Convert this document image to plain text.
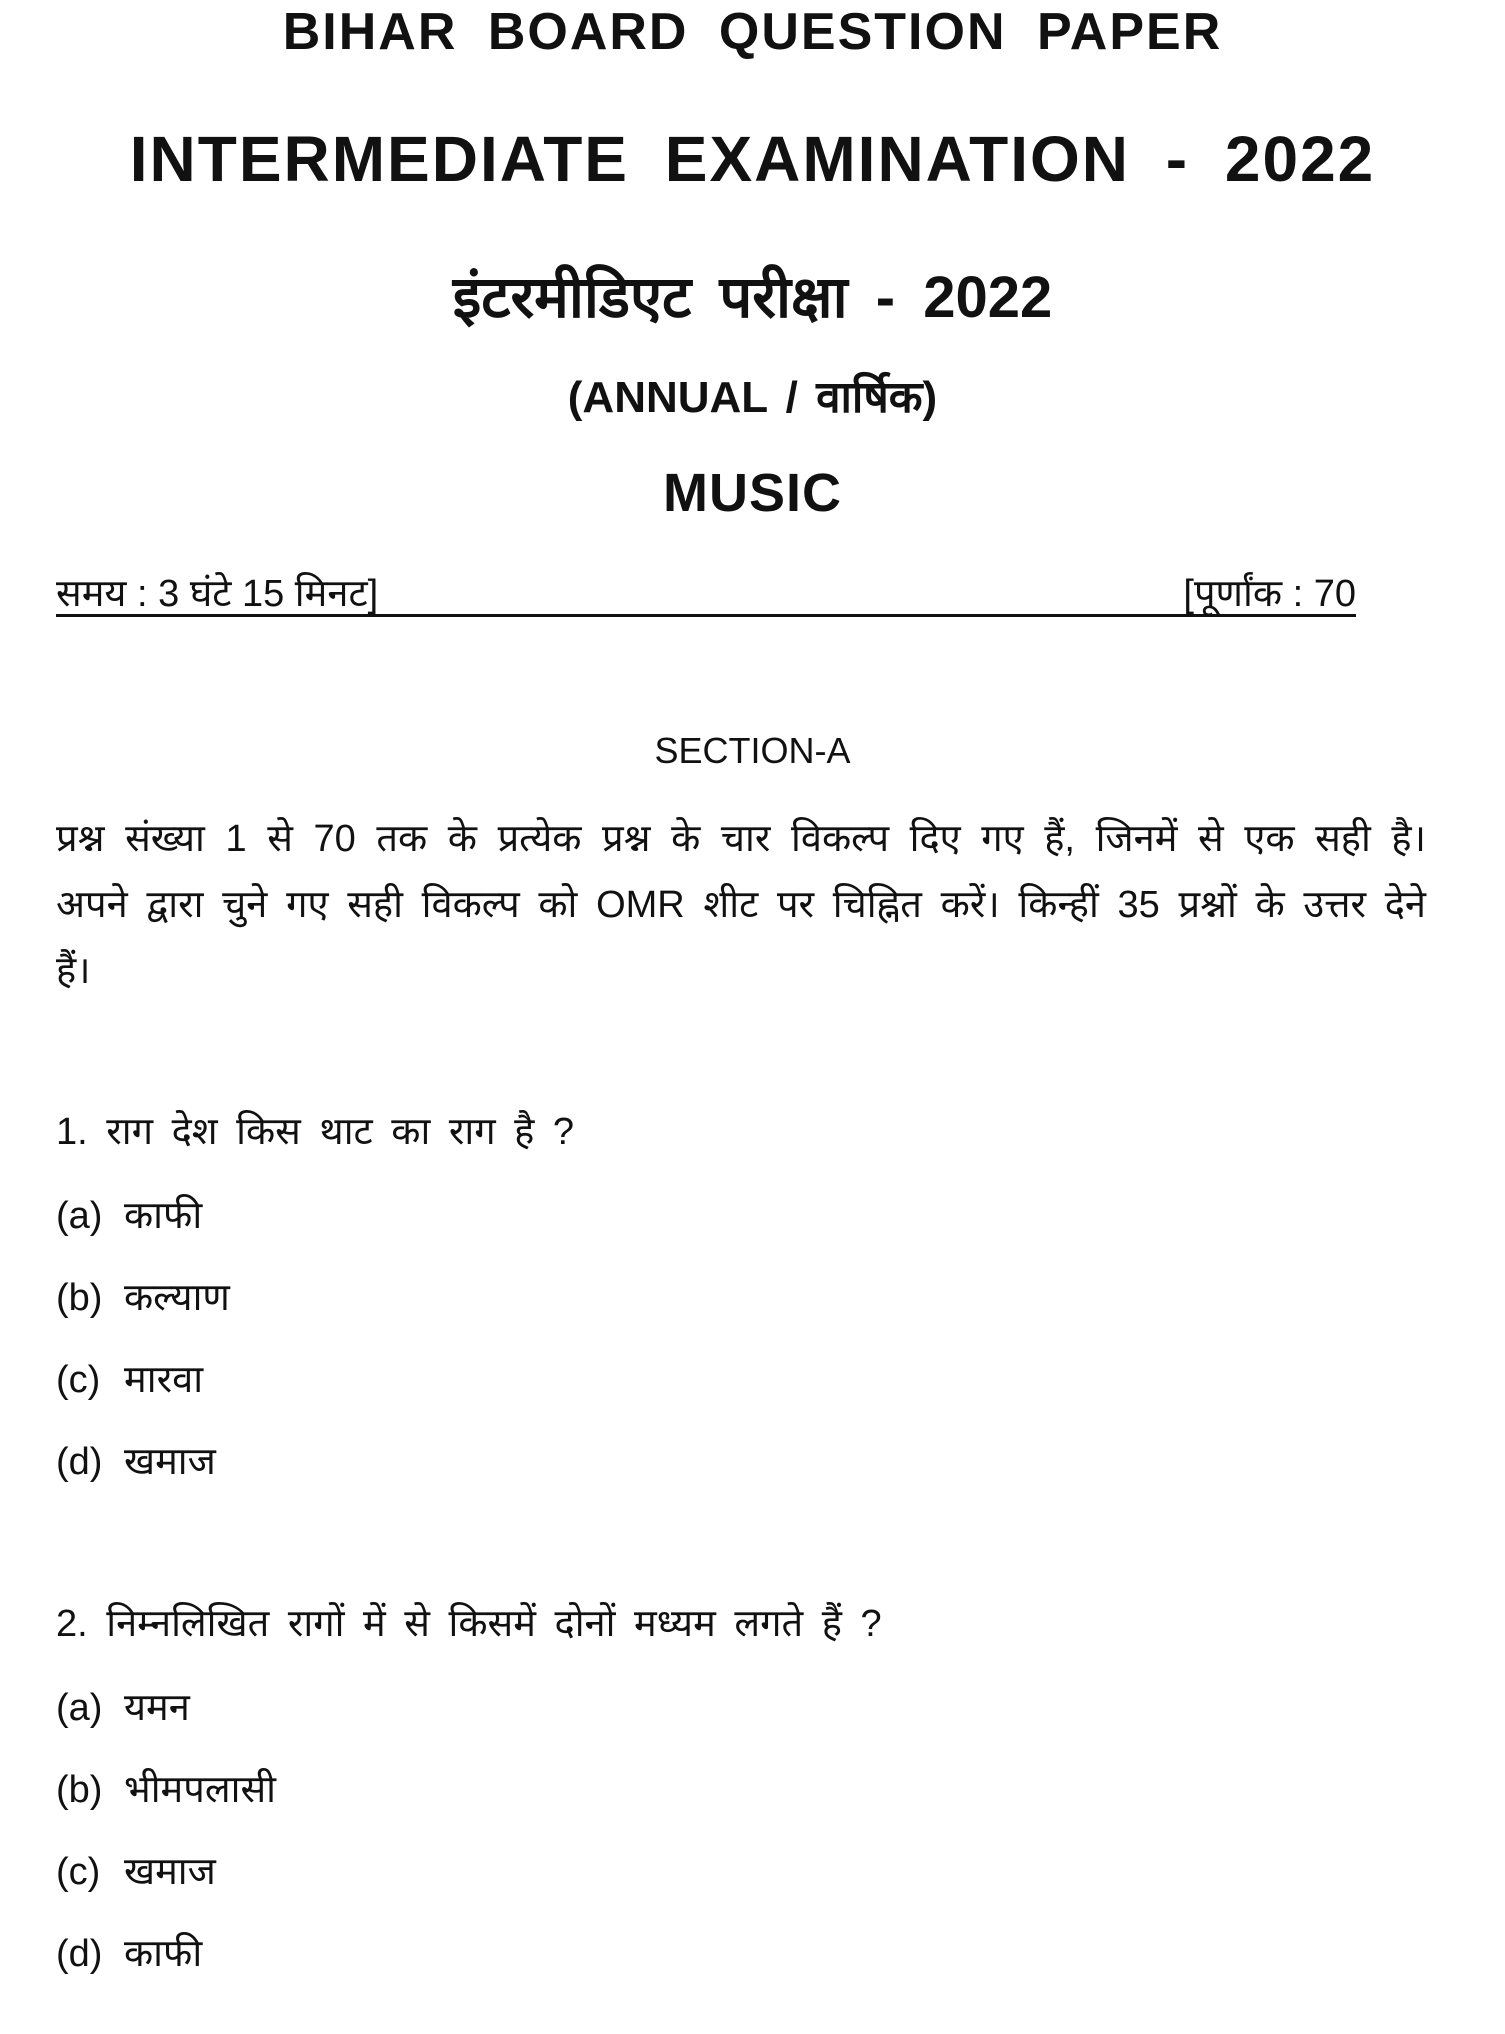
BIHAR BOARD QUESTION PAPER
INTERMEDIATE EXAMINATION - 2022
इंटरमीडिएट परीक्षा - 2022
(ANNUAL / वार्षिक)
MUSIC
समय : 3 घंटे 15 मिनट]	[पूर्णांक : 70
SECTION-A
प्रश्न संख्या 1 से 70 तक के प्रत्येक प्रश्न के चार विकल्प दिए गए हैं, जिनमें से एक सही है। अपने द्वारा चुने गए सही विकल्प को OMR शीट पर चिह्नित करें। किन्हीं 35 प्रश्नों के उत्तर देने हैं।
1. राग देश किस थाट का राग है ?
(a) काफी
(b) कल्याण
(c) मारवा
(d) खमाज
2. निम्नलिखित रागों में से किसमें दोनों मध्यम लगते हैं ?
(a) यमन
(b) भीमपलासी
(c) खमाज
(d) काफी
